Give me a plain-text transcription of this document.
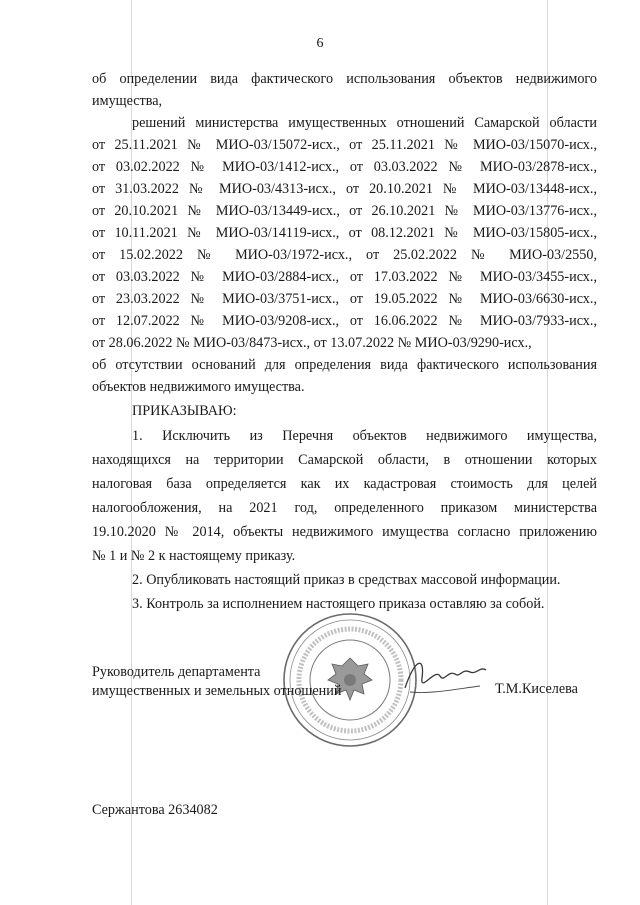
6
об определении вида фактического использования объектов недвижимого
имущества,
решений министерства имущественных отношений Самарской области
от 25.11.2021 № МИО-03/15072-исх., от 25.11.2021 № МИО-03/15070-исх.,
от 03.02.2022 № МИО-03/1412-исх., от 03.03.2022 № МИО-03/2878-исх.,
от 31.03.2022 № МИО-03/4313-исх., от 20.10.2021 № МИО-03/13448-исх.,
от 20.10.2021 № МИО-03/13449-исх., от 26.10.2021 № МИО-03/13776-исх.,
от 10.11.2021 № МИО-03/14119-исх., от 08.12.2021 № МИО-03/15805-исх.,
от 15.02.2022 № МИО-03/1972-исх., от 25.02.2022 № МИО-03/2550,
от 03.03.2022 № МИО-03/2884-исх., от 17.03.2022 № МИО-03/3455-исх.,
от 23.03.2022 № МИО-03/3751-исх., от 19.05.2022 № МИО-03/6630-исх.,
от 12.07.2022 № МИО-03/9208-исх., от 16.06.2022 № МИО-03/7933-исх.,
от 28.06.2022 № МИО-03/8473-исх., от 13.07.2022 № МИО-03/9290-исх.,
об отсутствии оснований для определения вида фактического использования
объектов недвижимого имущества.
ПРИКАЗЫВАЮ:
1. Исключить из Перечня объектов недвижимого имущества,
находящихся на территории Самарской области, в отношении которых
налоговая база определяется как их кадастровая стоимость для целей
налогообложения, на 2021 год, определенного приказом министерства
19.10.2020 № 2014, объекты недвижимого имущества согласно приложению
№ 1 и № 2 к настоящему приказу.
2. Опубликовать настоящий приказ в средствах массовой информации.
3. Контроль за исполнением настоящего приказа оставляю за собой.
Руководитель департамента
имущественных и земельных отношений	Т.М.Киселева
Сержантова 2634082
